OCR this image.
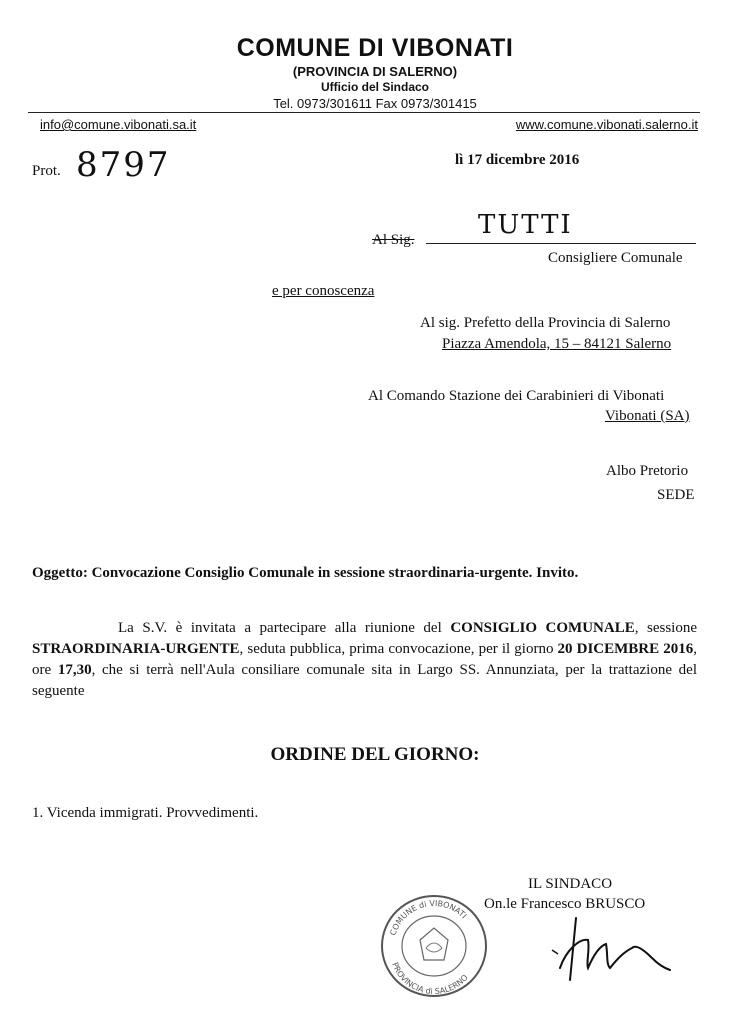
COMUNE DI VIBONATI
(PROVINCIA DI SALERNO)
Ufficio del Sindaco
Tel. 0973/301611 Fax 0973/301415
info@comune.vibonati.sa.it	www.comune.vibonati.salerno.it
Prot. 8797	lì 17 dicembre 2016
Al Sig. TUTTI
Consigliere Comunale
e per conoscenza
Al sig. Prefetto della Provincia di Salerno
Piazza Amendola, 15 – 84121 Salerno
Al Comando Stazione dei Carabinieri di Vibonati
Vibonati (SA)
Albo Pretorio
SEDE
Oggetto: Convocazione Consiglio Comunale in sessione straordinaria-urgente. Invito.
La S.V. è invitata a partecipare alla riunione del CONSIGLIO COMUNALE, sessione STRAORDINARIA-URGENTE, seduta pubblica, prima convocazione, per il giorno 20 DICEMBRE 2016, ore 17,30, che si terrà nell'Aula consiliare comunale sita in Largo SS. Annunziata, per la trattazione del seguente
ORDINE DEL GIORNO:
1. Vicenda immigrati. Provvedimenti.
IL SINDACO
On.le Francesco BRUSCO
COMUNE di VIBONATI
PROVINCIA di SALERNO
